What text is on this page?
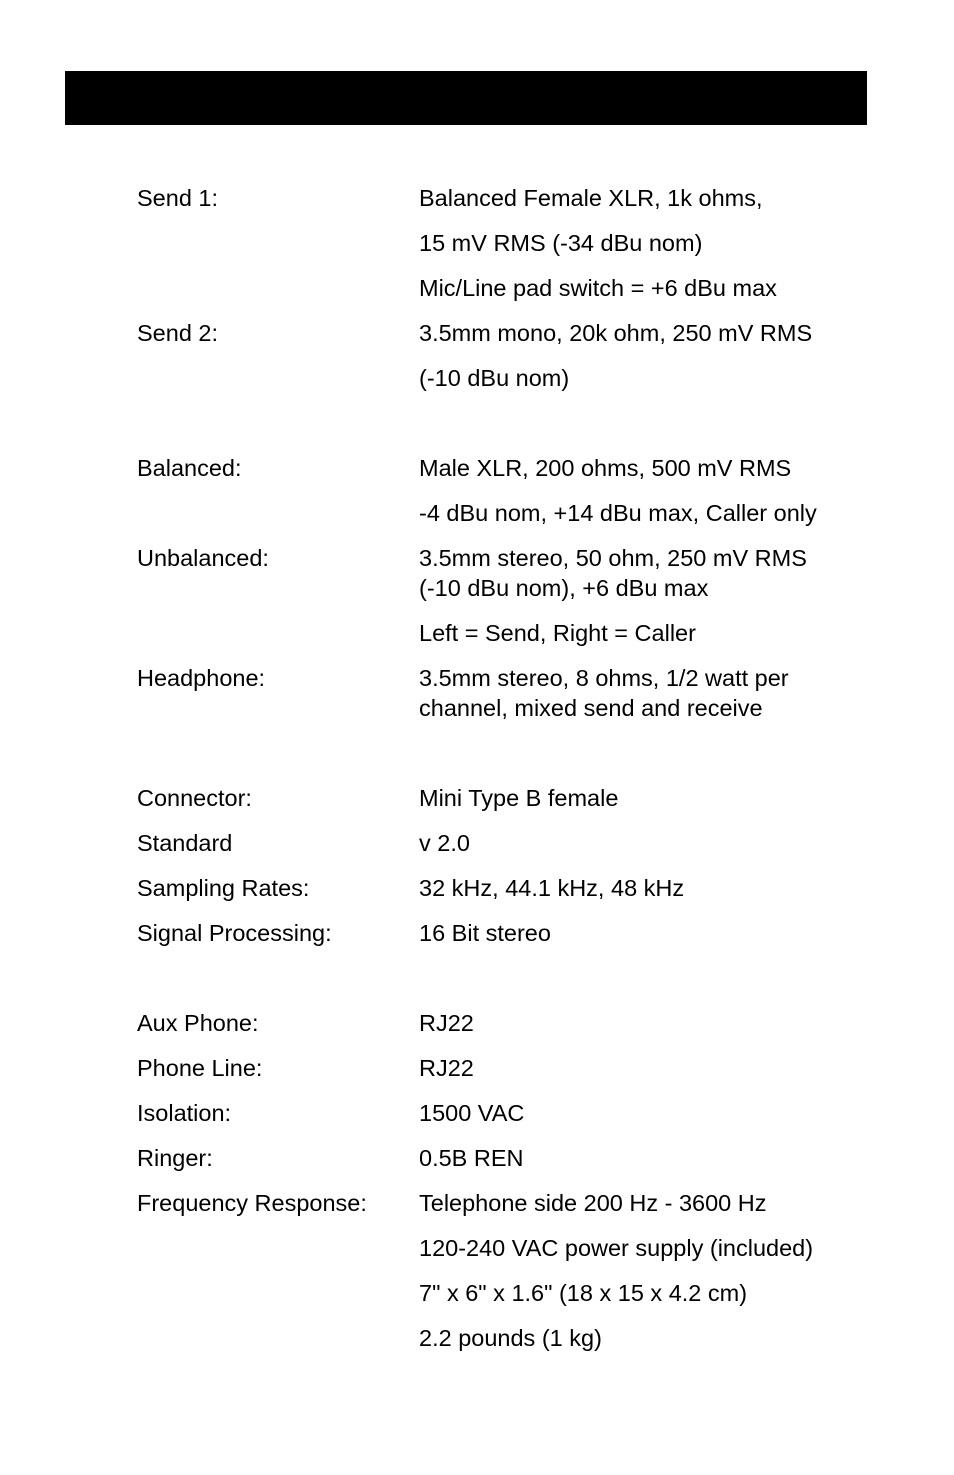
Send 1:	Balanced Female XLR, 1k ohms,
15 mV RMS (-34 dBu nom)
Mic/Line pad switch = +6 dBu max
Send 2:	3.5mm mono, 20k ohm, 250 mV RMS
(-10 dBu nom)
Balanced:	Male XLR, 200 ohms, 500 mV RMS
-4 dBu nom, +14 dBu max, Caller only
Unbalanced:	3.5mm stereo, 50 ohm, 250 mV RMS
(-10 dBu nom), +6 dBu max
Left = Send, Right = Caller
Headphone:	3.5mm stereo, 8 ohms, 1/2 watt per
channel, mixed send and receive
Connector:	Mini Type B female
Standard	v 2.0
Sampling Rates:	32 kHz, 44.1 kHz, 48 kHz
Signal Processing:	16 Bit stereo
Aux Phone:	RJ22
Phone Line:	RJ22
Isolation:	1500 VAC
Ringer:	0.5B REN
Frequency Response:	Telephone side 200 Hz - 3600 Hz
120-240 VAC power supply (included)
7" x 6" x 1.6" (18 x 15 x 4.2 cm)
2.2 pounds (1 kg)
